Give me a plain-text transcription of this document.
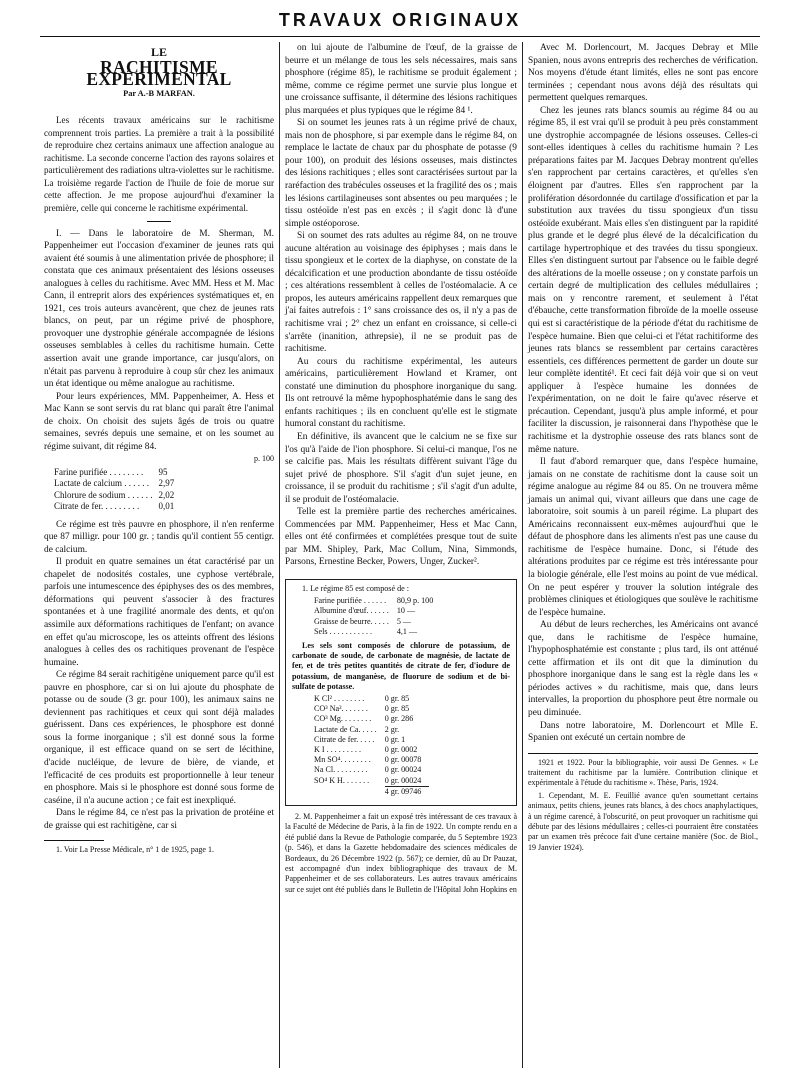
TRAVAUX ORIGINAUX
LE
RACHITISME EXPÉRIMENTAL
Par A.-B MARFAN.

Les récents travaux américains sur le rachitisme comprennent trois parties. La première a trait à la possibilité de reproduire chez certains animaux une affection analogue au rachitisme. La seconde concerne l'action des rayons solaires et particulièrement des radiations ultra-violettes sur le rachitisme. La troisième regarde l'action de l'huile de foie de morue sur cette affection. Je me propose aujourd'hui d'examiner la première, celle qui concerne le rachitisme expérimental.

I. — Dans le laboratoire de M. Sherman, M. Pappenheimer eut l'occasion d'examiner de jeunes rats qui avaient été soumis à une alimentation privée de phosphore; il constata que ces animaux présentaient des lésions osseuses analogues à celles du rachitisme. Avec MM. Hess et M. Mac Cann, il entreprit alors des expériences systématiques et, en 1921, ces trois auteurs avancèrent, que chez de jeunes rats blancs, on peut, par un régime privé de phosphore, provoquer une dystrophie générale accompagnée de lésions osseuses semblables à celles du rachitisme humain. Cette assertion avait une grande importance, car jusqu'alors, on n'était pas parvenu à reproduire à coup sûr chez les animaux un état identique ou même analogue au rachitisme.

Pour leurs expériences, MM. Pappenheimer, A. Hess et Mac Kann se sont servis du rat blanc qui paraît être l'animal de choix. On choisit des sujets âgés de trois ou quatre semaines, sevrés depuis une semaine, et on les soumet au régime suivant, dit régime 84.

p. 100
Farine purifiée . . . . . . . .	95
Lactate de calcium . . . . . .	2,97
Chlorure de sodium . . . . . .	2,02
Citrate de fer. . . . . . . . .	0,01

Ce régime est très pauvre en phosphore, il n'en renferme que 87 milligr. pour 100 gr. ; tandis qu'il contient 55 centigr. de calcium.

Il produit en quatre semaines un état caractérisé par un chapelet de nodosités costales, une cyphose vertébrale, parfois une intumescence des épiphyses des os des membres, déformations qui peuvent s'associer à des fractures spontanées et à une fragilité anormale des dents, et qu'on assimile aux déformations rachitiques de l'enfant; on avance en effet qu'au microscope, les os atteints offrent des lésions analogues à celles des os rachitiques provenant de l'espèce humaine.

Ce régime 84 serait rachitigène uniquement parce qu'il est pauvre en phosphore, car si on lui ajoute du phosphate de potasse ou de soude (3 gr. pour 100), les animaux sains ne deviennent pas rachitiques et ceux qui sont déjà malades guérissent. Dans ces expériences, le phosphore est donné sous la forme inorganique ; s'il est donné sous la forme organique, il est efficace quand on se sert de lécithine, d'acide nucléique, de levure de bière, de viande, et l'efficacité de ces produits est proportionnelle à leur teneur en phosphore. Mais si le phosphore est donné sous forme de caséine, il n'a aucune action ; ce fait est inexpliqué.

Dans le régime 84, ce n'est pas la privation de protéine et de graisse qui est rachitigène, car si

1. Voir La Presse Médicale, n° 1 de 1925, page 1.

on lui ajoute de l'albumine de l'œuf, de la graisse de beurre et un mélange de tous les sels nécessaires, mais sans phosphore (régime 85), le rachitisme se produit également ; même, comme ce régime permet une survie plus longue et une croissance suffisante, il détermine des lésions rachitiques plus marquées et plus typiques que le régime 84 ¹.

Si on soumet les jeunes rats à un régime privé de chaux, mais non de phosphore, si par exemple dans le régime 84, on remplace le lactate de chaux par du phosphate de potasse (9 pour 100), on produit des lésions osseuses, mais distinctes des lésions rachitiques ; elles sont caractérisées surtout par la raréfaction des trabécules osseuses et la fragilité des os ; mais les lésions cartilagineuses sont absentes ou peu marquées ; le tissu ostéoïde n'est pas en excès ; il s'agit donc là d'une simple ostéoporose.

Si on soumet des rats adultes au régime 84, on ne trouve aucune altération au voisinage des épiphyses ; mais dans le tissu spongieux et le cortex de la diaphyse, on constate de la décalcification et une production abondante de tissu ostéoïde ; ces altérations ressemblent à celles de l'ostéomalacie. A ce propos, les auteurs américains rappellent deux remarques que j'ai faites autrefois : 1° sans croissance des os, il n'y a pas de rachitisme vrai ; 2° chez un enfant en croissance, si celle-ci s'arrête (inanition, athrepsie), il ne se produit pas de rachitisme.

Au cours du rachitisme expérimental, les auteurs américains, particulièrement Howland et Kramer, ont constaté une diminution du phosphore inorganique du sang. Ils ont retrouvé la même hypophosphatémie dans le sang des enfants rachitiques ; ils en concluent qu'elle est le stigmate humoral constant du rachitisme.

En définitive, ils avancent que le calcium ne se fixe sur l'os qu'à l'aide de l'ion phosphore. Si celui-ci manque, l'os ne se calcifie pas. Mais les résultats diffèrent suivant l'âge du sujet privé de phosphore. S'il s'agit d'un sujet jeune, en croissance, il se produit du rachitisme ; s'il s'agit d'un adulte, il se produit de l'ostéomalacie.

Telle est la première partie des recherches américaines. Commencées par MM. Pappenheimer, Hess et Mac Cann, elles ont été confirmées et complétées presque tout de suite par MM. Shipley, Park, Mac Collum, Nina, Simmonds, Parsons, Ernestine Becker, Powers, Unger, Zucker².

1. Le régime 85 est composé de :

Farine purifiée . . . . . .	80,9 p. 100
Albumine d'œuf. . . . . .	10 —
Graisse de beurre. . . . .	5 —
Sels . . . . . . . . . . .	4,1 —

Les sels sont composés de chlorure de potassium, de carbonate de soude, de carbonate de magnésie, de lactate de fer, et de très petites quantités de citrate de fer, d'iodure de potassium, de manganèse, de fluorure de sodium et de bi-sulfate de potasse.

K Cl² . . . . . . . .	0 gr. 85
CO³ Na². . . . . . .	0 gr. 85
CO³ Mg. . . . . . . .	0 gr. 286
Lactate de Ca. . . . .	2 gr.
Citrate de fer. . . . .	0 gr. 1
K I . . . . . . . . .	0 gr. 0002
Mn SO⁴. . . . . . . .	0 gr. 00078
Na Cl. . . . . . . . .	0 gr. 00024
SO⁴ K H. . . . . . .	0 gr. 00024
	4 gr. 09746

2. M. Pappenheimer a fait un exposé très intéressant de ces travaux à la Faculté de Médecine de Paris, à la fin de 1922. Un compte rendu en a été publié dans la Revue de Pathologie comparée, du 5 Septembre 1923 (p. 546), et dans la Gazette hebdomadaire des sciences médicales de Bordeaux, du 26 Décembre 1922 (p. 567); ce dernier, dû au Dr Pauzat, est accompagné d'un index bibliographique des travaux de M. Pappenheimer et de ses collaborateurs. Les autres travaux américains sur ce sujet ont été publiés dans le Bulletin de l'Hôpital John Hopkins en

Avec M. Dorlencourt, M. Jacques Debray et Mlle Spanien, nous avons entrepris des recherches de vérification. Nos moyens d'étude étant limités, elles ne sont pas encore terminées ; cependant nous avons déjà des résultats qui permettent quelques remarques.

Chez les jeunes rats blancs soumis au régime 84 ou au régime 85, il est vrai qu'il se produit à peu près constamment une dystrophie accompagnée de lésions osseuses. Celles-ci sont-elles identiques à celles du rachitisme humain ? Les préparations faites par M. Jacques Debray montrent qu'elles s'en rapprochent par certains caractères, et qu'elles s'en éloignent par d'autres. Elles s'en rapprochent par la prolifération désordonnée du cartilage d'ossification et par la substitution aux travées du tissu spongieux d'un tissu ostéoïde exubérant. Mais elles s'en distinguent par la rapidité plus grande et le degré plus élevé de la décalcification du cartilage hypertrophique et des travées du tissu spongieux. Elles s'en distinguent surtout par l'absence ou le faible degré des altérations de la moelle osseuse ; on y constate parfois un certain degré de multiplication des cellules médullaires ; mais on y rencontre rarement, et seulement à l'état d'ébauche, cette transformation fibroïde de la moelle osseuse qui est si caractéristique de la période d'état du rachitisme de l'espèce humaine. Bien que celui-ci et l'état rachitiforme des jeunes rats blancs se ressemblent par certains caractères essentiels, ces différences permettent de garder un doute sur leur complète identité¹. Et ceci fait déjà voir que si on veut appliquer à l'espèce humaine les données de l'expérimentation, on ne doit le faire qu'avec réserve et précaution. Cependant, jusqu'à plus ample informé, et pour faciliter la discussion, je raisonnerai dans l'hypothèse que le rachitisme et la dystrophie osseuse des rats blancs sont de même nature.

Il faut d'abord remarquer que, dans l'espèce humaine, jamais on ne constate de rachitisme dont la cause soit un régime analogue au régime 84 ou 85. On ne trouvera même jamais un animal qui, vivant ailleurs que dans une cage de laboratoire, soit soumis à un pareil régime. La plupart des Américains reconnaissent eux-mêmes aujourd'hui que le défaut de phosphore dans les aliments n'est pas une cause du rachitisme de l'espèce humaine. Donc, si l'étude des altérations produites par ce régime est très intéressante pour la biologie générale, elle l'est moins au point de vue médical. On ne peut espérer y trouver la solution intégrale des problèmes cliniques et étiologiques que soulève le rachitisme de l'espèce humaine.

Au début de leurs recherches, les Américains ont avancé que, dans le rachitisme de l'espèce humaine, l'hypophosphatémie est constante ; plus tard, ils ont atténué cette affirmation et ils ont dit que la diminution du phosphore inorganique dans le sang est la règle dans les « périodes actives » du rachitisme, mais que, dans leurs intervalles, la proportion du phosphore peut être normale ou peu diminuée.

Dans notre laboratoire, M. Dorlencourt et Mlle E. Spanien ont exécuté un certain nombre de

1921 et 1922. Pour la bibliographie, voir aussi De Gennes. « Le traitement du rachitisme par la lumière. Contribution clinique et expérimentale à l'étude du rachitisme ». Thèse, Paris, 1924.

1. Cependant, M. E. Feuillié avance qu'en soumettant certains animaux, petits chiens, jeunes rats blancs, à des chocs anaphylactiques, à un régime carencé, à l'obscurité, on peut provoquer un rachitisme qui débute par des lésions médullaires ; celles-ci pourraient être constatées par un examen très précoce fait d'une certaine manière (Soc. de Biol., 19 Janvier 1924).
